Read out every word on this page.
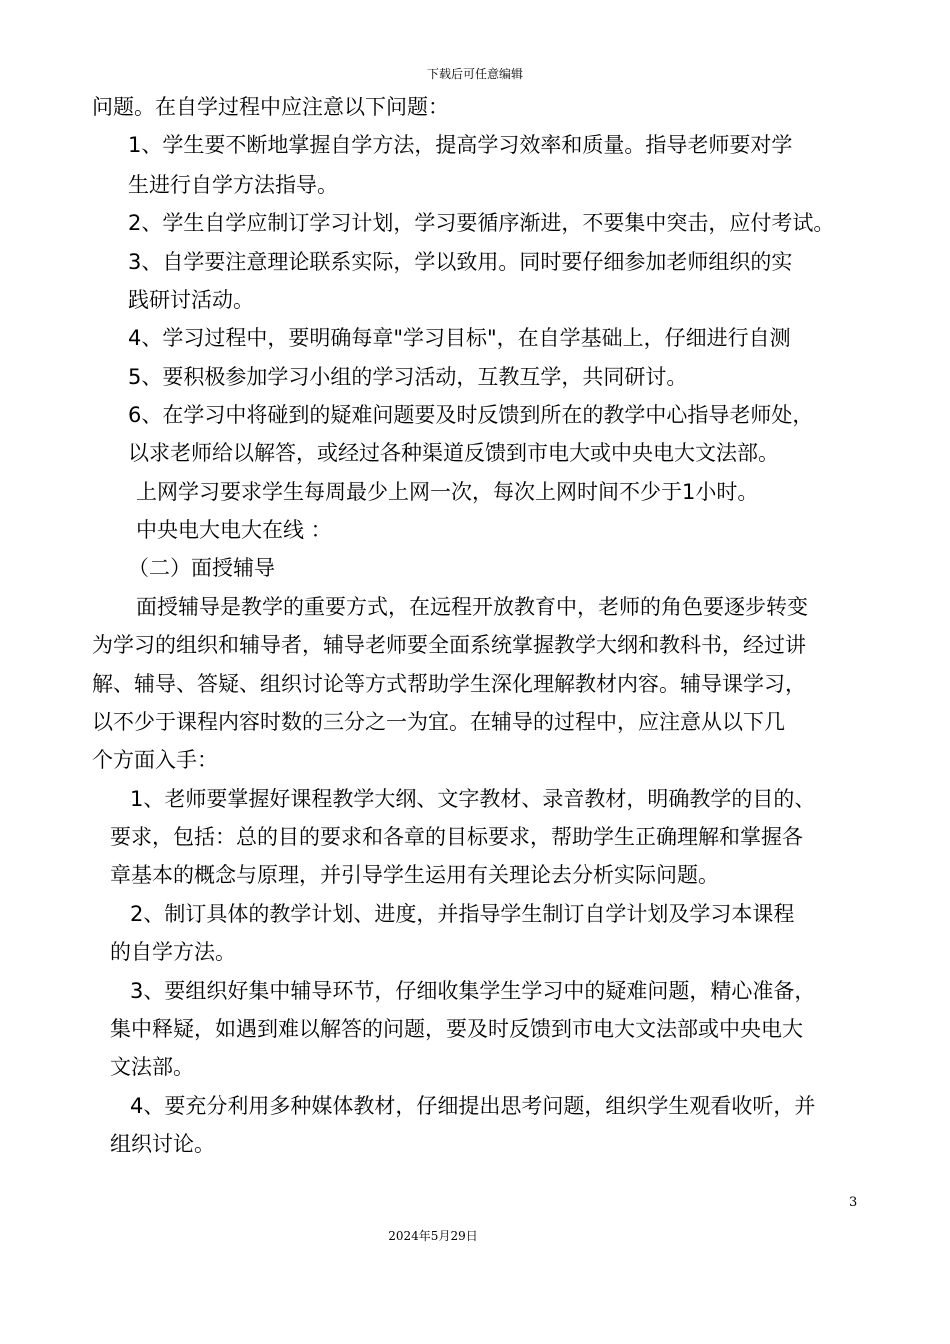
下载后可任意编辑
问题。在自学过程中应注意以下问题：
1、学生要不断地掌握自学方法，提高学习效率和质量。指导老师要对学
生进行自学方法指导。
2、学生自学应制订学习计划，学习要循序渐进，不要集中突击，应付考试。
3、自学要注意理论联系实际，学以致用。同时要仔细参加老师组织的实
践研讨活动。
4、学习过程中，要明确每章"学习目标"，在自学基础上，仔细进行自测
5、要积极参加学习小组的学习活动，互教互学，共同研讨。
6、在学习中将碰到的疑难问题要及时反馈到所在的教学中心指导老师处，
以求老师给以解答，或经过各种渠道反馈到市电大或中央电大文法部。
上网学习要求学生每周最少上网一次，每次上网时间不少于1小时。
中央电大电大在线 ：
（二）面授辅导
面授辅导是教学的重要方式，在远程开放教育中，老师的角色要逐步转变
为学习的组织和辅导者，辅导老师要全面系统掌握教学大纲和教科书，经过讲
解、辅导、答疑、组织讨论等方式帮助学生深化理解教材内容。辅导课学习，
以不少于课程内容时数的三分之一为宜。在辅导的过程中，应注意从以下几
个方面入手：
1、老师要掌握好课程教学大纲、文字教材、录音教材，明确教学的目的、
要求，包括：总的目的要求和各章的目标要求，帮助学生正确理解和掌握各
章基本的概念与原理，并引导学生运用有关理论去分析实际问题。
2、制订具体的教学计划、进度，并指导学生制订自学计划及学习本课程
的自学方法。
3、要组织好集中辅导环节，仔细收集学生学习中的疑难问题，精心准备，
集中释疑，如遇到难以解答的问题，要及时反馈到市电大文法部或中央电大
文法部。
4、要充分利用多种媒体教材，仔细提出思考问题，组织学生观看收听，并
组织讨论。
3
2024年5月29日
